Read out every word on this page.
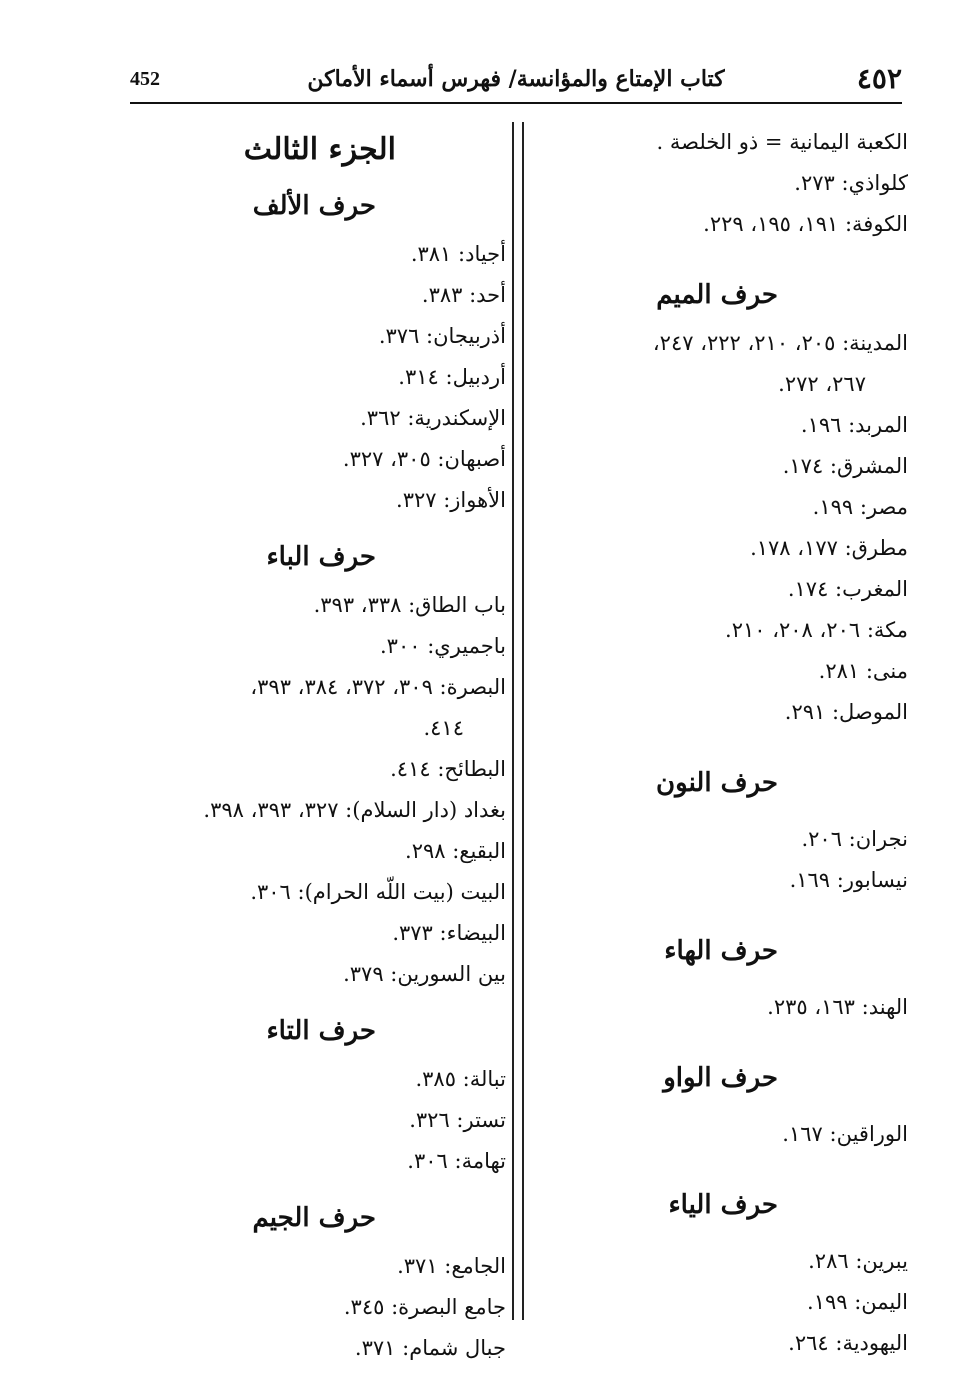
٤٥٢
كتاب الإمتاع والمؤانسة/ فهرس أسماء الأماكن
452
الكعبة اليمانية = ذو الخلصة .
كلواذي: ٢٧٣.
الكوفة: ١٩١، ١٩٥، ٢٢٩.
حرف الميم
المدينة: ٢٠٥، ٢١٠، ٢٢٢، ٢٤٧،
٢٦٧، ٢٧٢.
المربد: ١٩٦.
المشرق: ١٧٤.
مصر: ١٩٩.
مطرق: ١٧٧، ١٧٨.
المغرب: ١٧٤.
مكة: ٢٠٦، ٢٠٨، ٢١٠.
منى: ٢٨١.
الموصل: ٢٩١.
حرف النون
نجران: ٢٠٦.
نيسابور: ١٦٩.
حرف الهاء
الهند: ١٦٣، ٢٣٥.
حرف الواو
الوراقين: ١٦٧.
حرف الياء
يبرين: ٢٨٦.
اليمن: ١٩٩.
اليهودية: ٢٦٤.
الجزء الثالث
حرف الألف
أجياد: ٣٨١.
أحد: ٣٨٣.
أذربيجان: ٣٧٦.
أردبيل: ٣١٤.
الإسكندرية: ٣٦٢.
أصبهان: ٣٠٥، ٣٢٧.
الأهواز: ٣٢٧.
حرف الباء
باب الطاق: ٣٣٨، ٣٩٣.
باجميري: ٣٠٠.
البصرة: ٣٠٩، ٣٧٢، ٣٨٤، ٣٩٣،
٤١٤.
البطائح: ٤١٤.
بغداد (دار السلام): ٣٢٧، ٣٩٣، ٣٩٨.
البقيع: ٢٩٨.
البيت (بيت اللّه الحرام): ٣٠٦.
البيضاء: ٣٧٣.
بين السورين: ٣٧٩.
حرف التاء
تبالة: ٣٨٥.
تستر: ٣٢٦.
تهامة: ٣٠٦.
حرف الجيم
الجامع: ٣٧١.
جامع البصرة: ٣٤٥.
جبال شمام: ٣٧١.
